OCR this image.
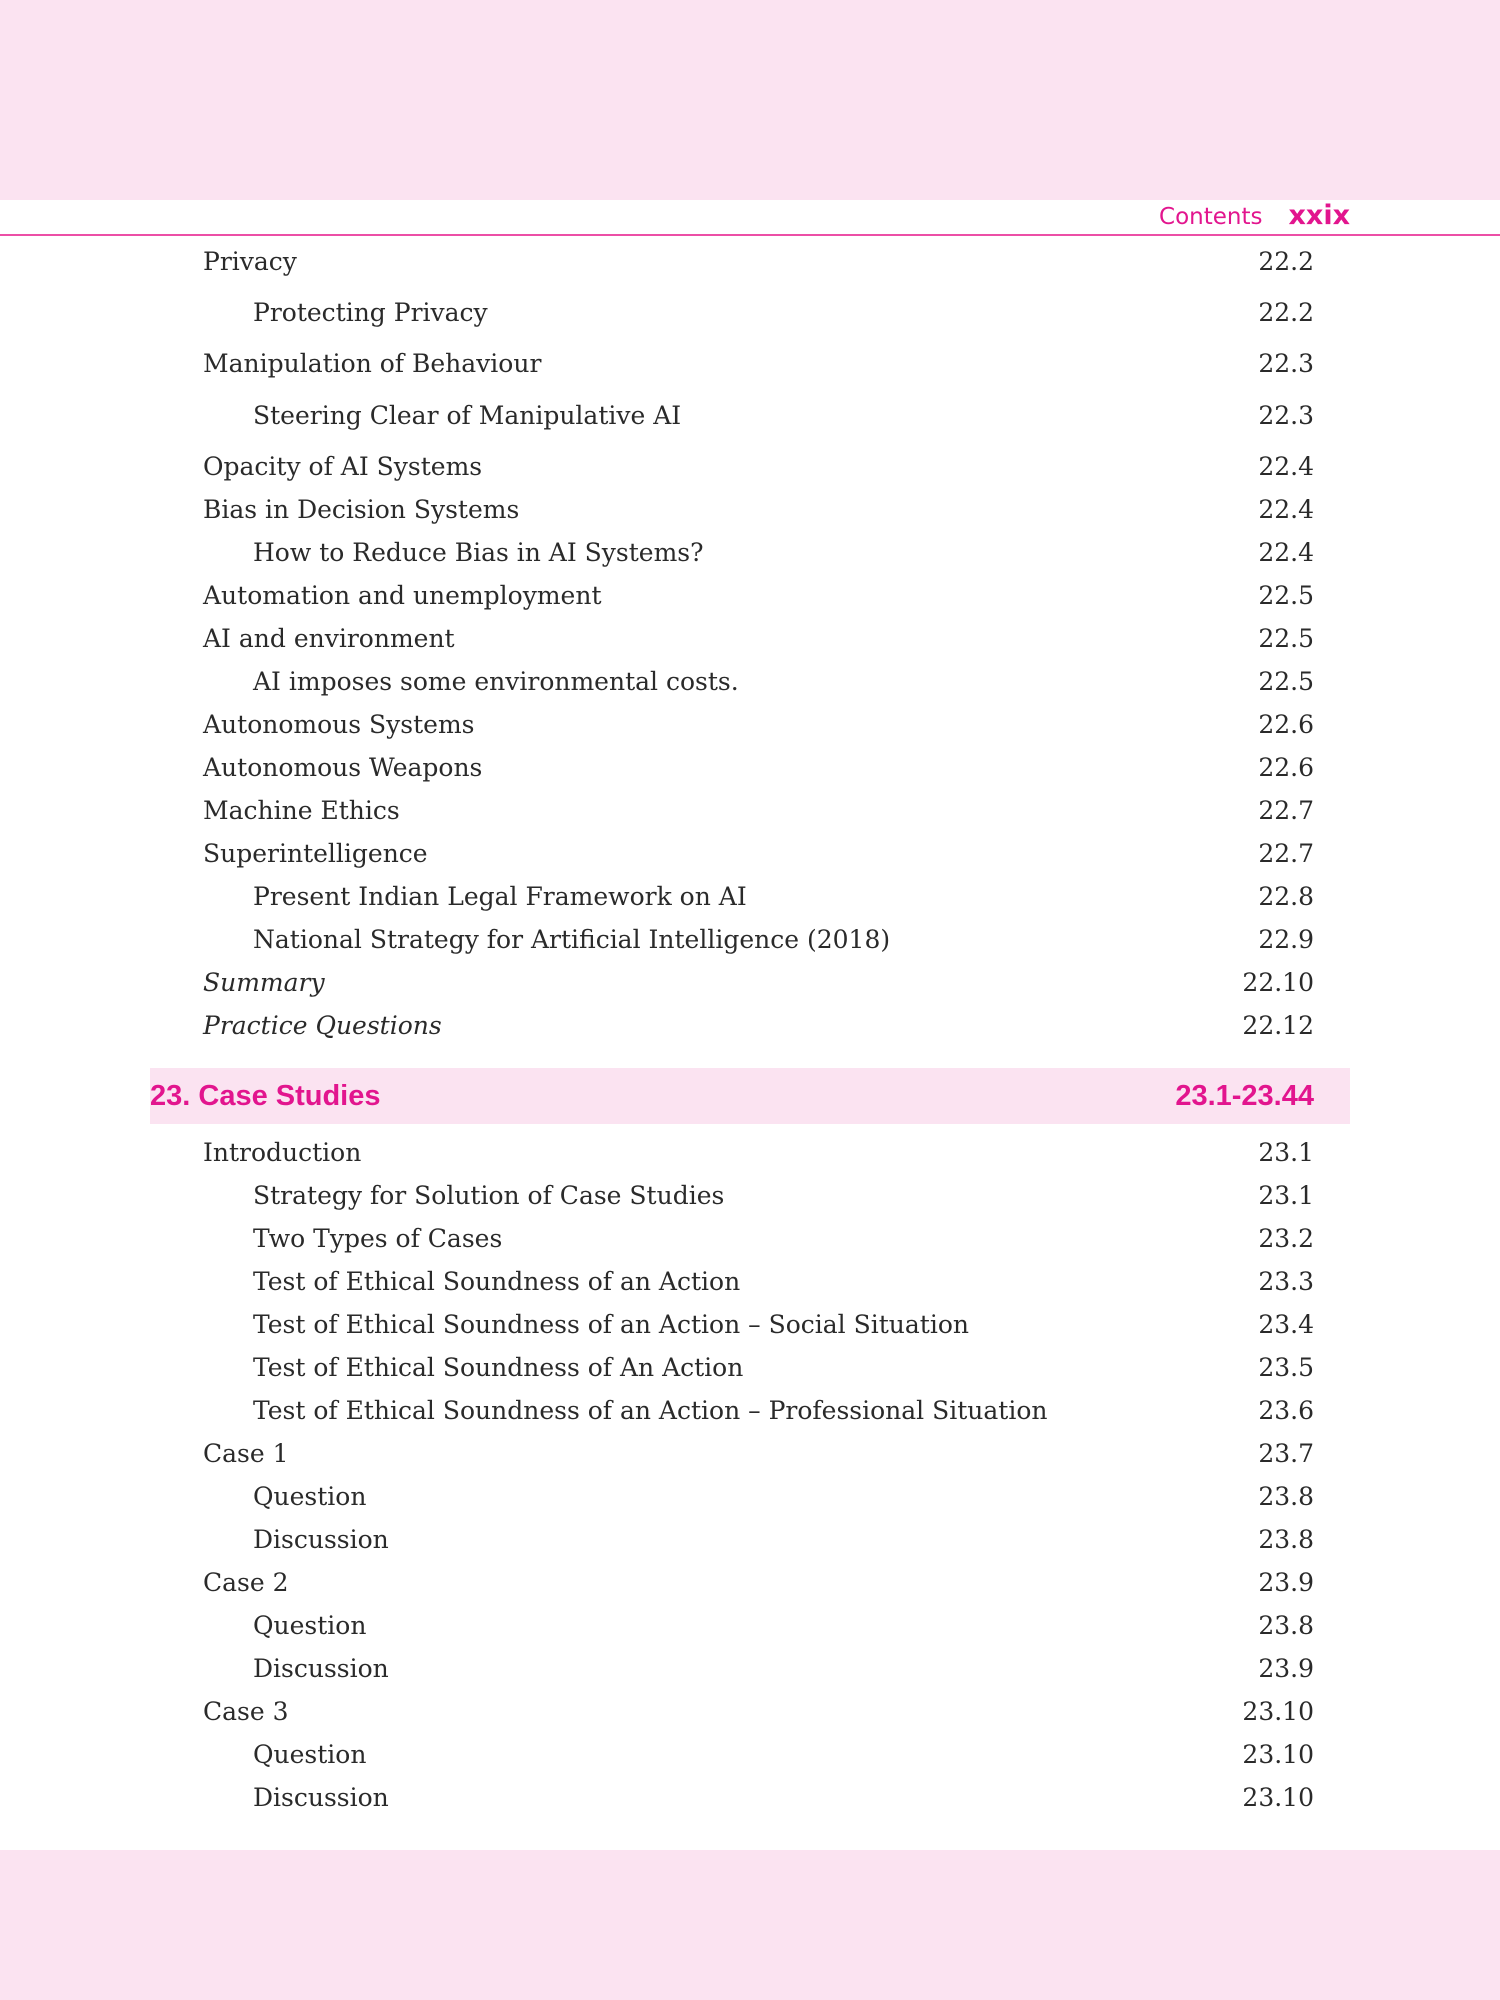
Contents xxix
Privacy	22.2
Protecting Privacy	22.2
Manipulation of Behaviour	22.3
Steering Clear of Manipulative AI	22.3
Opacity of AI Systems	22.4
Bias in Decision Systems	22.4
How to Reduce Bias in AI Systems?	22.4
Automation and unemployment	22.5
AI and environment	22.5
AI imposes some environmental costs.	22.5
Autonomous Systems	22.6
Autonomous Weapons	22.6
Machine Ethics	22.7
Superintelligence	22.7
Present Indian Legal Framework on AI	22.8
National Strategy for Artificial Intelligence (2018)	22.9
Summary	22.10
Practice Questions	22.12
23. Case Studies	23.1-23.44
Introduction	23.1
Strategy for Solution of Case Studies	23.1
Two Types of Cases	23.2
Test of Ethical Soundness of an Action	23.3
Test of Ethical Soundness of an Action – Social Situation	23.4
Test of Ethical Soundness of An Action	23.5
Test of Ethical Soundness of an Action – Professional Situation	23.6
Case 1	23.7
Question	23.8
Discussion	23.8
Case 2	23.9
Question	23.8
Discussion	23.9
Case 3	23.10
Question	23.10
Discussion	23.10
